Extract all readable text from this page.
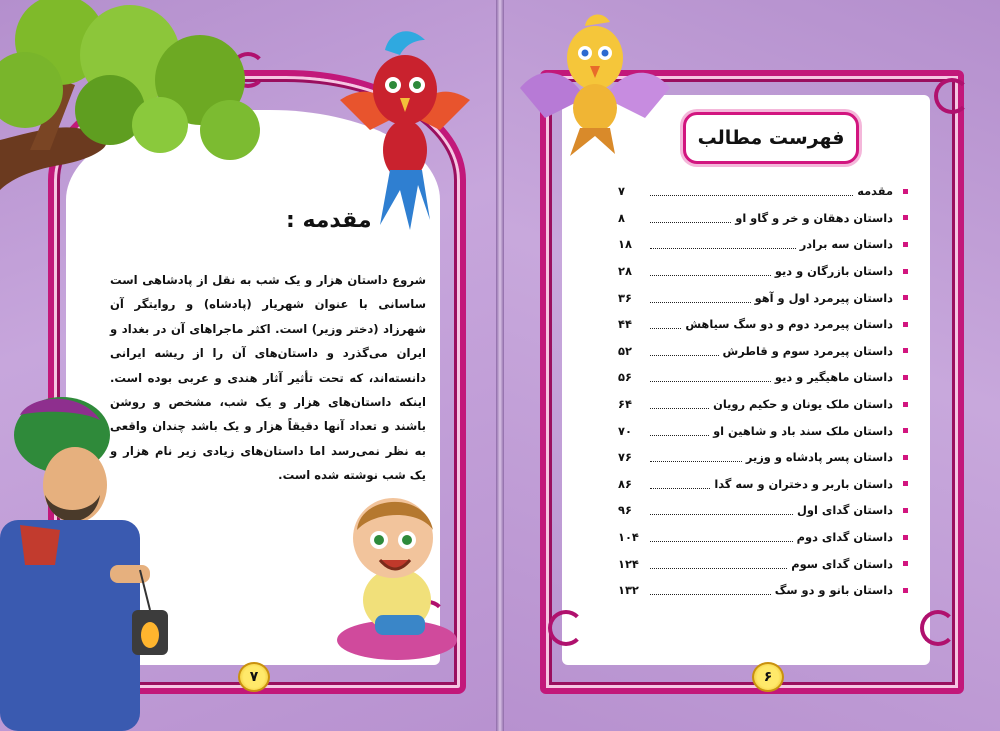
مقدمه :

شروع داستان هزار و یک شب به نقل از پادشاهی است ساسانی با عنوان شهریار (پادشاه) و روایتگر آن شهرزاد (دختر وزیر) است. اکثر ماجراهای آن در بغداد و ایران می‌گذرد و داستان‌های آن را از ریشه ایرانی دانسته‌اند، که تحت تأثیر آثار هندی و عربی بوده است. اینکه داستان‌های هزار و یک شب، مشخص و روشن باشند و تعداد آنها دقیقاً هزار و یک باشد چندان واقعی به نظر نمی‌رسد اما داستان‌های زیادی زیر نام هزار و یک شب نوشته شده است.

۷
فهرست مطالب
مقدمه
۷
داستان دهقان و خر و گاو او
۸
داستان سه برادر
۱۸
داستان بازرگان و دیو
۲۸
داستان پیرمرد اول و آهو
۳۶
داستان پیرمرد دوم و دو سگ سیاهش
۴۴
داستان پیرمرد سوم و قاطرش
۵۲
داستان ماهیگیر و دیو
۵۶
داستان ملک یونان و حکیم رویان
۶۴
داستان ملک سند باد و شاهین او
۷۰
داستان پسر پادشاه و وزیر
۷۶
داستان باربر و دختران و سه گدا
۸۶
داستان گدای اول
۹۶
داستان گدای دوم
۱۰۴
داستان گدای سوم
۱۲۴
داستان بانو و دو سگ
۱۳۲
۶
